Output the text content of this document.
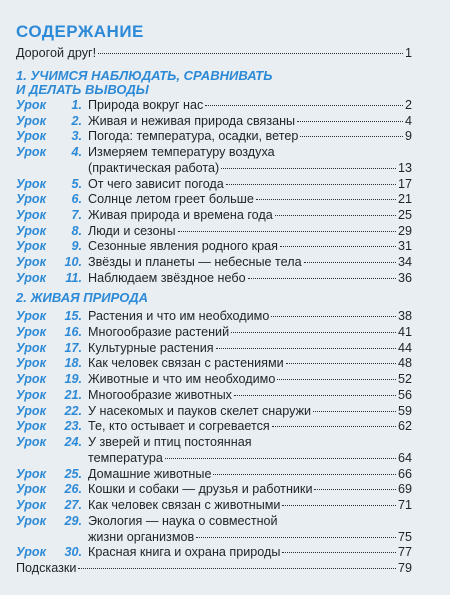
СОДЕРЖАНИЕ
Дорогой друг!	1
1. УЧИМСЯ НАБЛЮДАТЬ, СРАВНИВАТЬ
И ДЕЛАТЬ ВЫВОДЫ
Урок	1. Природа вокруг нас	2
Урок	2. Живая и неживая природа связаны	4
Урок	3. Погода: температура, осадки, ветер	9
Урок	4. Измеряем температуру воздуха
(практическая работа)	13
Урок	5. От чего зависит погода	17
Урок	6. Солнце летом греет больше	21
Урок	7. Живая природа и времена года	25
Урок	8. Люди и сезоны	29
Урок	9. Сезонные явления родного края	31
Урок	10. Звёзды и планеты — небесные тела	34
Урок	11. Наблюдаем звёздное небо	36
2. ЖИВАЯ ПРИРОДА
Урок	15. Растения и что им необходимо	38
Урок	16. Многообразие растений	41
Урок	17. Культурные растения	44
Урок	18. Как человек связан с растениями	48
Урок	19. Животные и что им необходимо	52
Урок	21. Многообразие животных	56
Урок	22. У насекомых и пауков скелет снаружи	59
Урок	23. Те, кто остывает и согревается	62
Урок	24. У зверей и птиц постоянная
температура	64
Урок	25. Домашние животные	66
Урок	26. Кошки и собаки — друзья и работники	69
Урок	27. Как человек связан с животными	71
Урок	29. Экология — наука о совместной
жизни организмов	75
Урок	30. Красная книга и охрана природы	77
Подсказки	79
